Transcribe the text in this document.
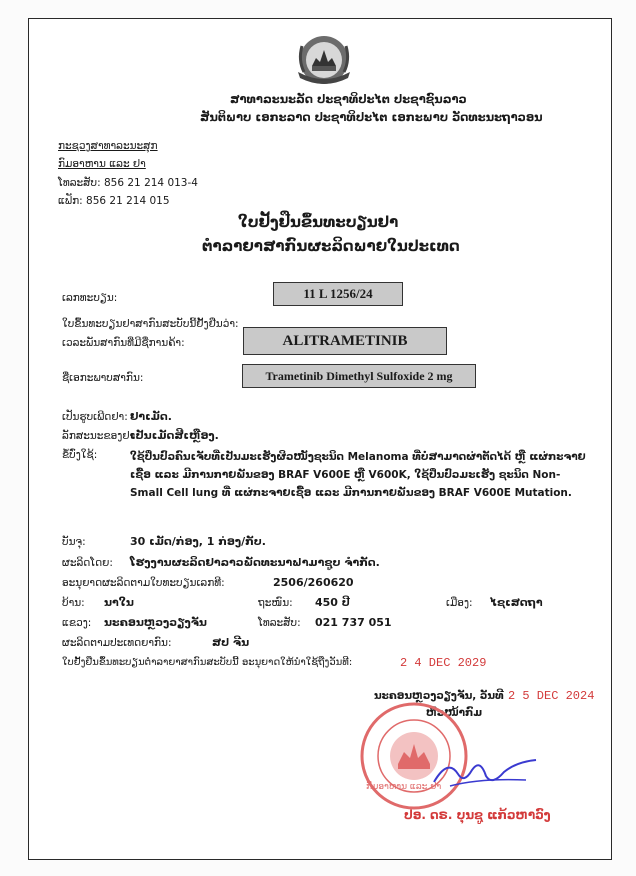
ສາທາລະນະລັດ ປະຊາທິປະໄຕ ປະຊາຊົນລາວ
ສັນຕິພາບ ເອກະລາດ ປະຊາທິປະໄຕ ເອກະພາບ ວັດທະນະຖາວອນ
ກະຊວງສາທາລະນະສຸກ
ກົມອາຫານ ແລະ ຢາ
ໂທລະສັບ: 856 21 214 013-4
ແຟັກ: 856 21 214 015
ໃບຢັ້ງຢືນຂຶ້ນທະບຽນຢາ
ຕຳລາຍາສາກົນຜະລິດພາຍໃນປະເທດ
ເລກທະບຽນ:	11 L 1256/24
ໃບຂຶ້ນທະບຽນຢາສາກົນສະບັບນີ້ຢັ້ງຢືນວ່າ:
ເວລະພັນສາກົນທີ່ມີຊື່ການຄ້າ:	ALITRAMETINIB
ຊື່ເອກະພາບສາກົນ:	Trametinib Dimethyl Sulfoxide 2 mg
ເປັນຮູບເພີດຢາ: ຢາເມັດ.
ລັກສະນະຂອງຢາ:
ເປັນເມັດສີເຫຼືອງ.
ຂໍ້ບົ່ງໃຊ້:	ໃຊ້ປິ່ນປົວຄົນເຈັບທີ່ເປັນມະເຮັງຜິວໜັງຊະນິດ Melanoma ທີ່ບໍ່ສາມາດຜ່າຕັດໄດ້ ຫຼື ແຜ່ກະຈາຍເຊື້ອ ແລະ ມີການກາຍພັນຂອງ BRAF V600E ຫຼື V600K, ໃຊ້ປິ່ນປົວມະເຮັງ ຊະນິດ Non-Small Cell lung ທີ່ ແຜ່ກະຈາຍເຊື້ອ ແລະ ມີການກາຍພັນຂອງ BRAF V600E Mutation.
ບັນຈຸ:	30 ເມັດ/ກ່ອງ, 1 ກ່ອງ/ກັບ.
ຜະລິດໂດຍ: ໂຮງງານຜະລິດຢາລາວພັດທະນາຟາມາຊູບ ຈຳກັດ.
ອະນຸຍາດຜະລິດຕາມໃບທະບຽນເລກທີ:	2506/260620
ບ້ານ: ນາໃນ	ຖະໜົນ: 450 ປີ	ເມືອງ: ໄຊເສດຖາ
ແຂວງ: ນະຄອນຫຼວງວຽງຈັນ	ໂທລະສັບ: 021 737 051
ຜະລິດຕາມປະເທດຍາກົນ:	ສປ ຈີນ
ໃບຢັ້ງຢືນຂຶ້ນທະບຽນຕຳລາຍາສາກົນສະບັບນີ້ ອະນຸຍາດໃຫ້ນຳໃຊ້ຖືງວັນທີ:	2 4 DEC 2029
ນະຄອນຫຼວງວຽງຈັນ, ວັນທີ 2 5 DEC 2024
ຫົວໜ້າກົມ
ກົມອາຫານ ແລະ ຢາ
ປອ. ດຣ. ບຸນຊູ ແກ້ວຫາວົງ
